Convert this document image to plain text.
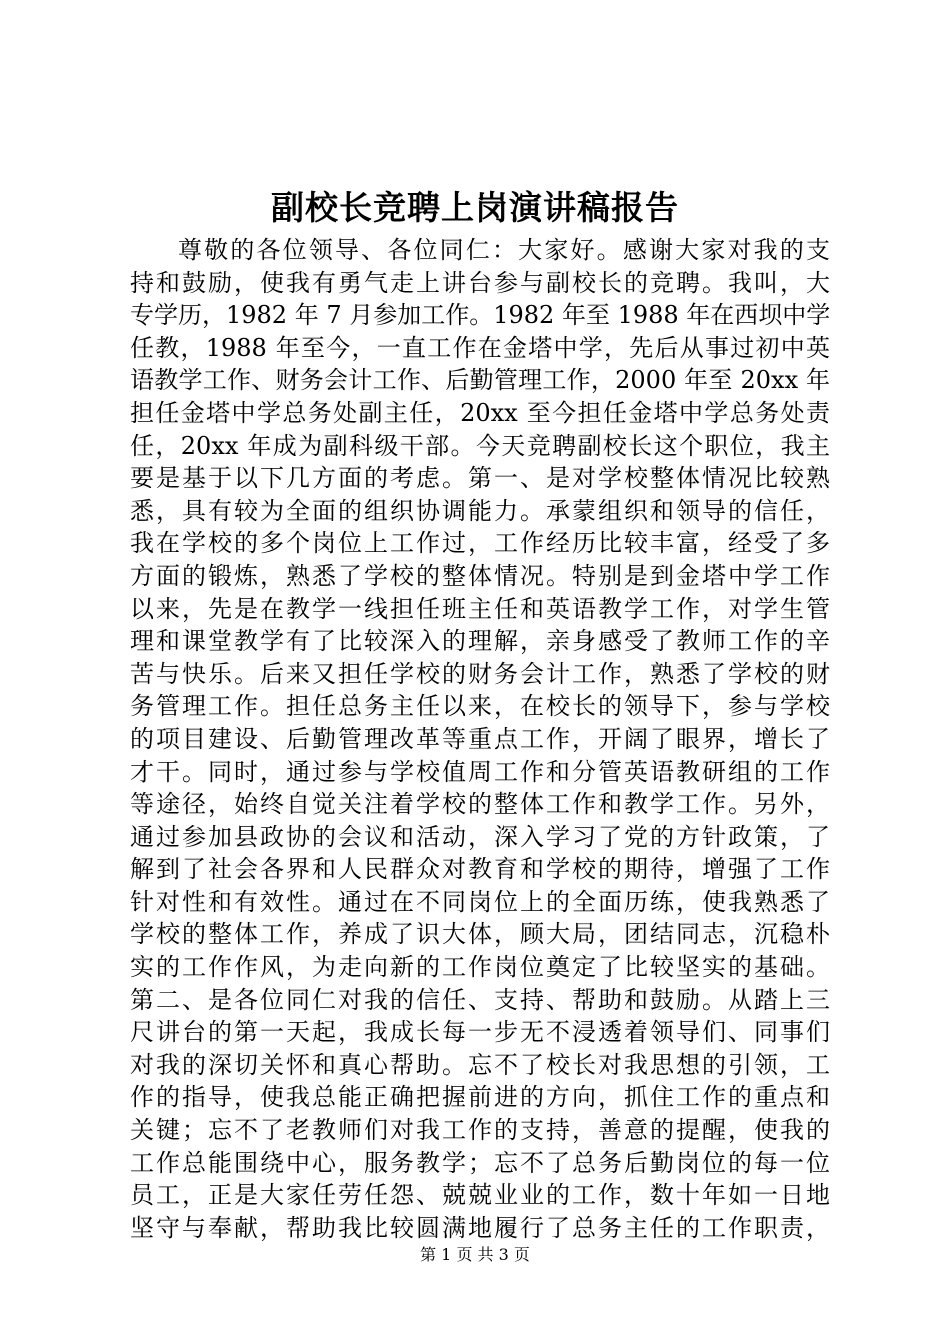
副校长竞聘上岗演讲稿报告
尊敬的各位领导、各位同仁：大家好。感谢大家对我的支
持和鼓励，使我有勇气走上讲台参与副校长的竞聘。我叫，大
专学历，1982 年 7 月参加工作。1982 年至 1988 年在西坝中学
任教，1988 年至今，一直工作在金塔中学，先后从事过初中英
语教学工作、财务会计工作、后勤管理工作，2000 年至 20xx 年
担任金塔中学总务处副主任，20xx 至今担任金塔中学总务处责
任，20xx 年成为副科级干部。今天竞聘副校长这个职位，我主
要是基于以下几方面的考虑。第一、是对学校整体情况比较熟
悉，具有较为全面的组织协调能力。承蒙组织和领导的信任，
我在学校的多个岗位上工作过，工作经历比较丰富，经受了多
方面的锻炼，熟悉了学校的整体情况。特别是到金塔中学工作
以来，先是在教学一线担任班主任和英语教学工作，对学生管
理和课堂教学有了比较深入的理解，亲身感受了教师工作的辛
苦与快乐。后来又担任学校的财务会计工作，熟悉了学校的财
务管理工作。担任总务主任以来，在校长的领导下，参与学校
的项目建设、后勤管理改革等重点工作，开阔了眼界，增长了
才干。同时，通过参与学校值周工作和分管英语教研组的工作
等途径，始终自觉关注着学校的整体工作和教学工作。另外，
通过参加县政协的会议和活动，深入学习了党的方针政策，了
解到了社会各界和人民群众对教育和学校的期待，增强了工作
针对性和有效性。通过在不同岗位上的全面历练，使我熟悉了
学校的整体工作，养成了识大体，顾大局，团结同志，沉稳朴
实的工作作风，为走向新的工作岗位奠定了比较坚实的基础。
第二、是各位同仁对我的信任、支持、帮助和鼓励。从踏上三
尺讲台的第一天起，我成长每一步无不浸透着领导们、同事们
对我的深切关怀和真心帮助。忘不了校长对我思想的引领，工
作的指导，使我总能正确把握前进的方向，抓住工作的重点和
关键；忘不了老教师们对我工作的支持，善意的提醒，使我的
工作总能围绕中心，服务教学；忘不了总务后勤岗位的每一位
员工，正是大家任劳任怨、兢兢业业的工作，数十年如一日地
坚守与奉献，帮助我比较圆满地履行了总务主任的工作职责，
第 1 页 共 3 页
